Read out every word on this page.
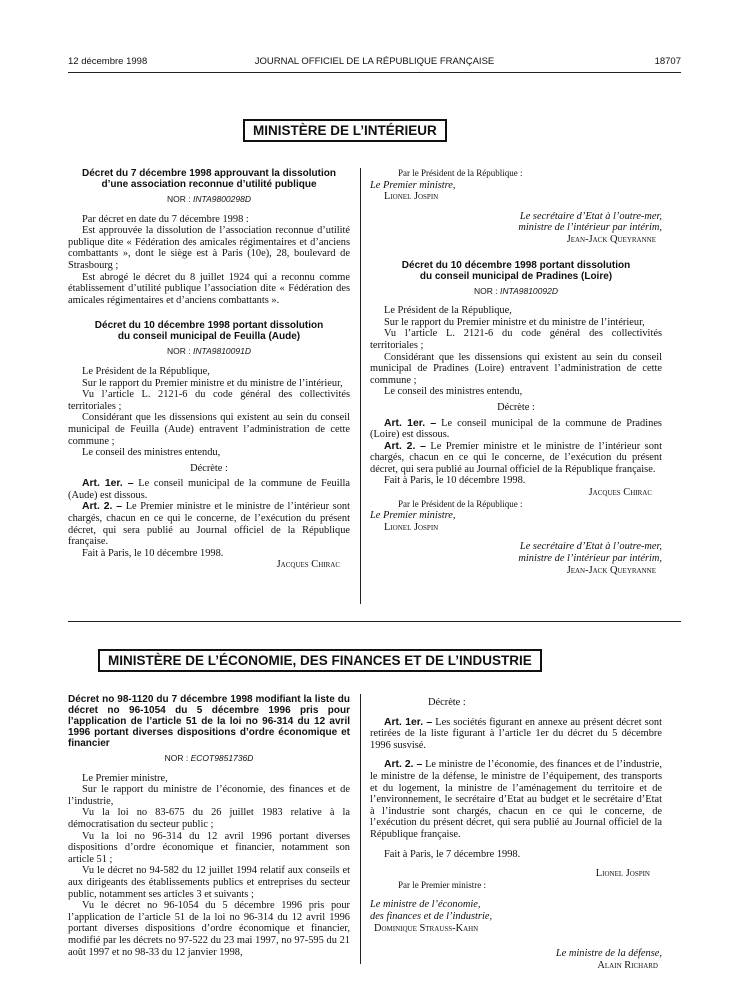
12 décembre 1998	JOURNAL OFFICIEL DE LA RÉPUBLIQUE FRANÇAISE	18707
MINISTÈRE DE L’INTÉRIEUR
Décret du 7 décembre 1998 approuvant la dissolution
d’une association reconnue d’utilité publique
NOR : INTA9800298D

Par décret en date du 7 décembre 1998 :

Est approuvée la dissolution de l’association reconnue d’utilité publique dite « Fédération des amicales régimentaires et d’anciens combattants », dont le siège est à Paris (10e), 28, boulevard de Strasbourg ;

Est abrogé le décret du 8 juillet 1924 qui a reconnu comme établissement d’utilité publique l’association dite « Fédération des amicales régimentaires et d’anciens combattants ».

Décret du 10 décembre 1998 portant dissolution
du conseil municipal de Feuilla (Aude)
NOR : INTA9810091D

Le Président de la République,

Sur le rapport du Premier ministre et du ministre de l’intérieur,

Vu l’article L. 2121-6 du code général des collectivités territoriales ;

Considérant que les dissensions qui existent au sein du conseil municipal de Feuilla (Aude) entravent l’administration de cette commune ;

Le conseil des ministres entendu,

Décrète :

Art. 1er. – Le conseil municipal de la commune de Feuilla (Aude) est dissous.

Art. 2. – Le Premier ministre et le ministre de l’intérieur sont chargés, chacun en ce qui le concerne, de l’exécution du présent décret, qui sera publié au Journal officiel de la République française.

Fait à Paris, le 10 décembre 1998.

Jacques Chirac
Par le Président de la République :
Le Premier ministre,
Lionel Jospin
Le secrétaire d’Etat à l’outre-mer,
ministre de l’intérieur par intérim,
Jean-Jack Queyranne
Décret du 10 décembre 1998 portant dissolution
du conseil municipal de Pradines (Loire)
NOR : INTA9810092D

Le Président de la République,

Sur le rapport du Premier ministre et du ministre de l’intérieur,

Vu l’article L. 2121-6 du code général des collectivités territoriales ;

Considérant que les dissensions qui existent au sein du conseil municipal de Pradines (Loire) entravent l’administration de cette commune ;

Le conseil des ministres entendu,

Décrète :

Art. 1er. – Le conseil municipal de la commune de Pradines (Loire) est dissous.

Art. 2. – Le Premier ministre et le ministre de l’intérieur sont chargés, chacun en ce qui le concerne, de l’exécution du présent décret, qui sera publié au Journal officiel de la République française.

Fait à Paris, le 10 décembre 1998.

Jacques Chirac
Par le Président de la République :
Le Premier ministre,
Lionel Jospin
Le secrétaire d’Etat à l’outre-mer,
ministre de l’intérieur par intérim,
Jean-Jack Queyranne
MINISTÈRE DE L’ÉCONOMIE, DES FINANCES ET DE L’INDUSTRIE
Décret no 98-1120 du 7 décembre 1998 modifiant la liste du décret no 96-1054 du 5 décembre 1996 pris pour l’application de l’article 51 de la loi no 96-314 du 12 avril 1996 portant diverses dispositions d’ordre économique et financier
NOR : ECOT9851736D

Le Premier ministre,

Sur le rapport du ministre de l’économie, des finances et de l’industrie,

Vu la loi no 83-675 du 26 juillet 1983 relative à la démocratisation du secteur public ;

Vu la loi no 96-314 du 12 avril 1996 portant diverses dispositions d’ordre économique et financier, notamment son article 51 ;

Vu le décret no 94-582 du 12 juillet 1994 relatif aux conseils et aux dirigeants des établissements publics et entreprises du secteur public, notamment ses articles 3 et suivants ;

Vu le décret no 96-1054 du 5 décembre 1996 pris pour l’application de l’article 51 de la loi no 96-314 du 12 avril 1996 portant diverses dispositions d’ordre économique et financier, modifié par les décrets no 97-522 du 23 mai 1997, no 97-595 du 21 août 1997 et no 98-33 du 12 janvier 1998,

Décrète :

Art. 1er. – Les sociétés figurant en annexe au présent décret sont retirées de la liste figurant à l’article 1er du décret du 5 décembre 1996 susvisé.

Art. 2. – Le ministre de l’économie, des finances et de l’industrie, le ministre de la défense, le ministre de l’équipement, des transports et du logement, la ministre de l’aménagement du territoire et de l’environnement, le secrétaire d’Etat au budget et le secrétaire d’Etat à l’industrie sont chargés, chacun en ce qui le concerne, de l’exécution du présent décret, qui sera publié au Journal officiel de la République française.

Fait à Paris, le 7 décembre 1998.

Lionel Jospin
Par le Premier ministre :
Le ministre de l’économie,
des finances et de l’industrie,
Dominique Strauss-Kahn
Le ministre de la défense,
Alain Richard
